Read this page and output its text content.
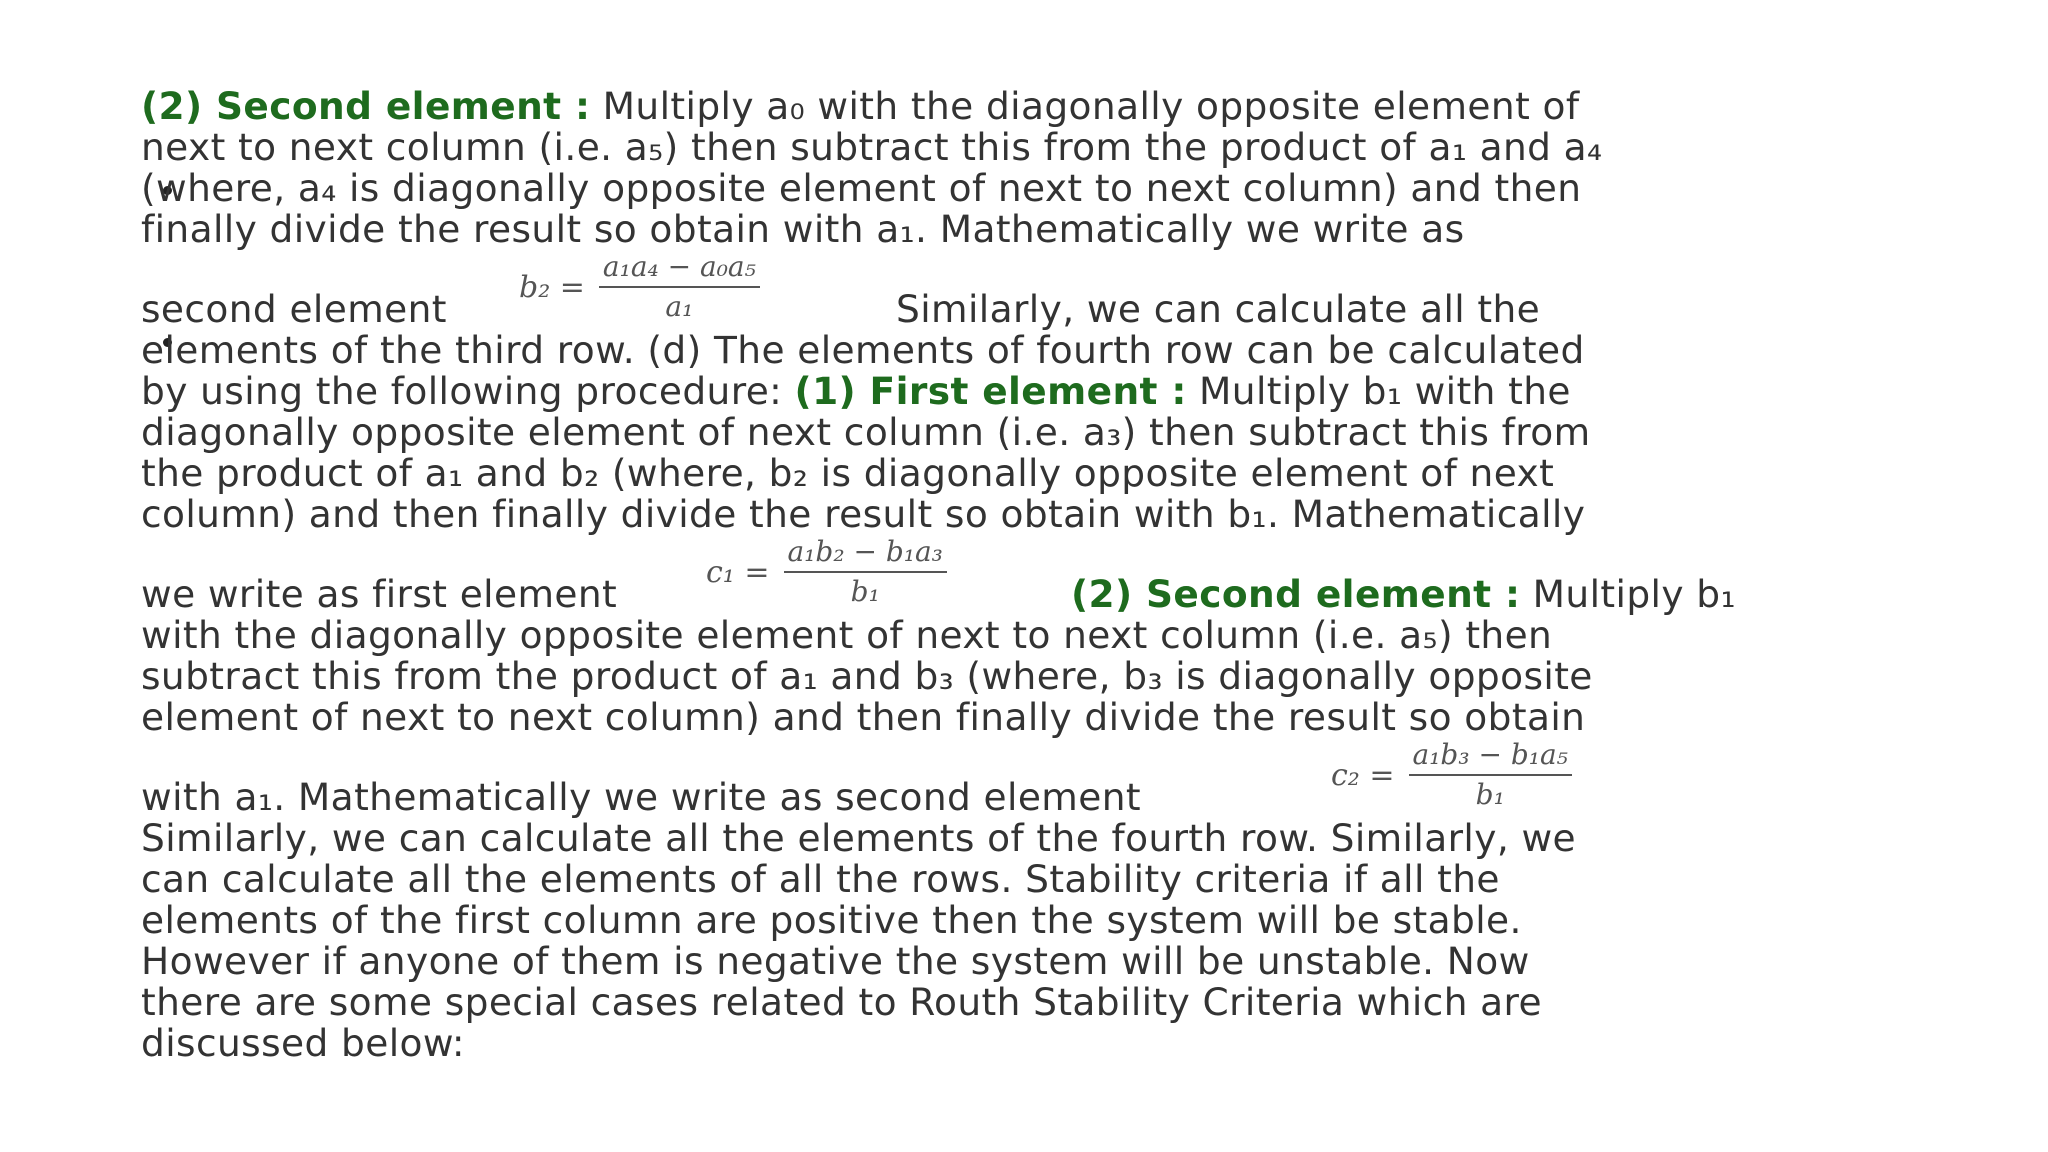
(2) Second element : Multiply a₀ with the diagonally opposite element of
next to next column (i.e. a₅) then subtract this from the product of a₁ and a₄
(where, a₄ is diagonally opposite element of next to next column) and then
finally divide the result so obtain with a₁. Mathematically we write as
second element $b_2 = \frac{\text{a₁a₄ − a₀a₅}}{\text{a₁}}$	Similarly, we can calculate all the
elements of the third row. (d) The elements of fourth row can be calculated
by using the following procedure: (1) First element : Multiply b₁ with the
diagonally opposite element of next column (i.e. a₃) then subtract this from
the product of a₁ and b₂ (where, b₂ is diagonally opposite element of next
column) and then finally divide the result so obtain with b₁. Mathematically
we write as first element	$c_1 = \frac{\text{a₁b₂ − b₁a₃}}{\text{b₁}}$	(2) Second element : Multiply b₁
with the diagonally opposite element of next to next column (i.e. a₅) then
subtract this from the product of a₁ and b₃ (where, b₃ is diagonally opposite
element of next to next column) and then finally divide the result so obtain
with a₁. Mathematically we write as second element	$c_2 = \frac{\text{a₁b₃ − b₁a₅}}{\text{b₁}}$
Similarly, we can calculate all the elements of the fourth row. Similarly, we
can calculate all the elements of all the rows. Stability criteria if all the
elements of the first column are positive then the system will be stable.
However if anyone of them is negative the system will be unstable. Now
there are some special cases related to Routh Stability Criteria which are
discussed below:
